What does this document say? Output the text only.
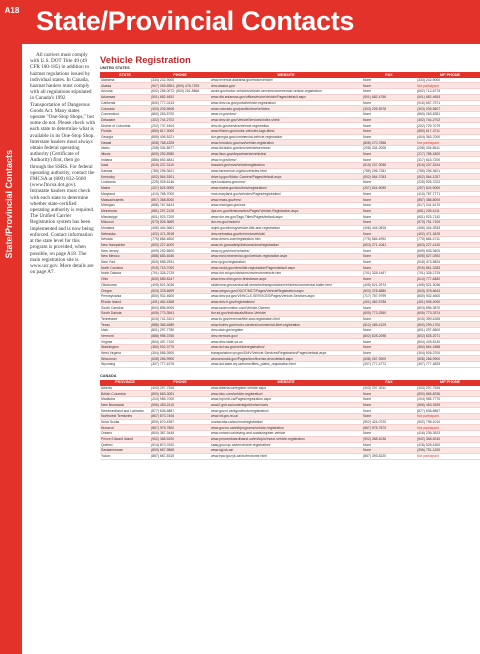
A18
State/Provincial Contacts
State/Provincial Contacts

All carriers must comply with U.S. DOT Title 49 (49 CFR 100-185) in addition to hazmat regulations issued by individual states. In Canada, hazmat haulers must comply with all regulations stipulated in Canada's 1992 Transportation of Dangerous Goods Act. Many states operate "One-Stop Shops," but some do not. Please check with each state to determine what is available in its One-Stop Shop. Interstate haulers must always obtain federal operating authority (Certificate of Authority) first, then go through the SSRS. For federal operating authority, contact the FMCSA at (800) 832-5660 (www.fmcsa.dot.gov). Intrastate haulers must check with each state to determine whether state-certified operating authority is required. The Unified Carrier Registration system has been implemented and is now being enforced. Contact information at the state level for this program is provided, when possible, on page A18. The main registration site is www.ucr.gov. More details are on page A7.

Vehicle Registration
UNITED STATES
STATE	PHONE	WEBSITE	FAX	MP PHONE
Alabama	(334) 242-9000	www.revenue.alabama.gov/motorvehicle/	None	(334) 242-9000
Alaska	(907) 269-5551; (800) 478-7253	dmv.alaska.gov/	None	Not participant
Arizona	(602) 255-0072; (800) 251-5866	azdot.gov/motor-vehicles/vehicle-services/commercial-vehicle-registration	None	(602) 712-6775
Arkansas	(501) 682-4692	www.dfa.arkansas.gov/offices/motorVehicle/Pages/default.aspx	(501) 682-4756	(501) 682-4653
California	(800) 777-0133	www.dmv.ca.gov/portal/vehicle-registration/	None	(916) 657-7971
Colorado	(303) 205-5608	www.colorado.gov/pacific/dmv/vehicles	(303) 205-5978	(303) 205-5607
Connecticut	(860) 263-5700	www.ct.gov/dmv/	None	(860) 263-5281
Delaware	(302) 744-2702	www.dmv.de.gov/VehicleServices/index.shtml	None	(302) 744-2702
District of Columbia	(202) 737-4404	dmv.dc.gov/service/vehicle-registration	None	(202) 729-7079
Florida	(850) 617-3000	www.flhsmv.gov/motor-vehicles-tags-titles/	None	(850) 617-3711
Georgia	(855) 406-5221	dor.georgia.gov/commercial-vehicle-registration	None	(404) 363-7000
Hawaii	(808) 768-4325	www.honolulu.gov/csd/vehicle-registration	(808) 270-7858	Not participant
Idaho	(208) 334-8677	www.itd.idaho.gov/dmv/vehicleservices/	(208) 334-2006	(208) 334-8611
Illinois	(800) 252-8980	www.ilsos.gov/departments/vehicles/	None	(217) 785-1800
Indiana	(888) 692-6841	www.in.gov/bmv/	None	(317) 615-7200
Iowa	(515) 237-3110	iowadot.gov/mvd/vehicleregistration	(515) 237-3056	(515) 237-3244
Kansas	(785) 296-3621	www.ksrevenue.org/dovvehicles.html	(785) 296-7281	(785) 296-3621
Kentucky	(502) 564-5301	drive.ky.gov/Motor-Carriers/Pages/default.aspx	(502) 564-7053	(502) 564-1257
Louisiana	(225) 925-6146	dps.louisiana.gov/omv/	None	(225) 925-7022
Maine	(207) 624-9000	www.maine.gov/sos/bmv/registration/	(207) 624-9090	(207) 624-9000
Maryland	(410) 768-7000	mva.maryland.gov/vehicles/Pages/registration/	None	(410) 787-7771
Massachusetts	(857) 368-8000	www.mass.gov/rmv/	None	(857) 368-8000
Michigan	(888) 767-6424	www.michigan.gov/sos	None	(517) 241-6170
Minnesota	(651) 297-2126	dps.mn.gov/divisions/dvs/Pages/Vehicle-Registration.aspx	None	(651) 205-4111
Mississippi	(601) 923-7200	www.dor.ms.gov/Tags-Titles/Pages/default.aspx	None	(601) 923-7142
Missouri	(573) 526-3669	dor.mo.gov/motorv/	None	(573) 751-7100
Montana	(406) 444-3661	dojmt.gov/driving/vehicle-title-and-registration/	(406) 444-0816	(406) 444-3933
Nebraska	(402) 471-3918	dmv.nebraska.gov/dvr/motorvehicle/	None	(402) 471-3425
Nevada	(775) 684-4800	www.dmvnv.com/registration.htm	(775) 684-4992	(775) 684-4711
New Hampshire	(603) 227-4000	www.nh.gov/safety/divisions/dmv/registration/	(603) 271-1061	(603) 227-4120
New Jersey	(609) 292-6500	www.nj.gov/mvc/vehicles/	None	(609) 633-9400
New Mexico	(888) 683-4636	www.mvd.newmexico.gov/vehicle-registration.aspx	None	(505) 827-0392
New York	(800) 698-2931	dmv.ny.gov/registration	None	(518) 473-5834
North Carolina	(919) 715-7000	www.ncdot.gov/dmv/title-registration/Pages/default.aspx	None	(919) 861-3283
North Dakota	(701) 328-2725	www.dot.nd.gov/divisions/mv/motorvehicle.htm	(701) 328-1487	(701) 328-2725
Ohio	(800) 589-8247	www.bmv.ohio.gov/v-firststance.aspx	None	(614) 777-8480
Oklahoma	(405) 521-3036	oklahoma.gov/service/all-services/transportation/vehicles/commercial-trailer.html	(405) 521-2974	(405) 521-3036
Oregon	(503) 378-6699	www.oregon.gov/ODOT/MCT/Pages/VehicleRegistration.aspx	(503) 378-6880	(503) 378-6643
Pennsylvania	(800) 932-4600	www.dmv.pa.gov/VEHICLE-SERVICES/Pages/Vehicle-Services.aspx	(717) 787-9799	(800) 932-4600
Rhode Island	(401) 462-4368	www.dmv.ri.gov/registrations/	(401) 462-5786	(401) 946-4000
South Carolina	(803) 896-5000	www.scdmvonline.com/Vehicle-Owners	None	(803) 896-3870
South Dakota	(605) 773-3541	dor.sd.gov/Individuals/Motor-Vehicle/	(605) 773-2550	(605) 773-3374
Tennessee	(615) 741-3101	www.tn.gov/revenue/title-and-registration.html	None	(615) 399-4265
Texas	(888) 368-4689	www.txdmv.gov/motor-carriers/commercial-fleet-registration	(512) 465-4129	(800) 299-1700
Utah	(801) 297-7780	dmv.utah.gov/register	None	(801) 297-6800
Vermont	(888) 998-3766	dmv.vermont.gov/	(802) 828-2098	(802) 828-2071
Virginia	(804) 497-7100	www.dmv.state.va.us	None	(804) 249-5130
Washington	(360) 902-3770	www.dol.wa.gov/vehicleregistration/	None	(360) 664-1858
West Virginia	(304) 558-3900	transportation.wv.gov/DMV/Vehicle-Services/Registration/Pages/default.aspx	None	(304) 926-3700
Wisconsin	(608) 266-9900	wisconsindot.gov/Pages/dmv/license-drvs/default.aspx	(608) 267-9900	(608) 266-9900
Wyoming	(307) 777-4375	www.dot.state.wy.us/home/titles_plates_registration.html	(307) 777-4772	(307) 777-4825
CANADA
PROVINCE	PHONE	WEBSITE	FAX	MP PHONE
Alberta	(403) 297-7926	www.alberta.ca/register-vehicle.aspx	(403) 297-3911	(403) 297-7926
British Columbia	(800) 663-3051	www.icbc.com/vehicle-registration/	None	(800) 665-8236
Manitoba	(204) 985-7000	www.mpi.mb.ca/Pages/registration.aspx	None	(204) 985-7770
New Brunswick	(506) 453-2410	www2.gnb.ca/content/gnb/en/services	None	(506) 453-3939
Newfoundland and Labrador	(877) 636-6867	www.gov.nl.ca/dgsnl/motorregistration/	None	(877) 636-6867
Northwest Territories	(867) 873-7406	www.inf.gov.nt.ca/	None	Not participant
Nova Scotia	(800) 670-4357	novascotia.ca/sns/rmv/registration/	(902) 424-0720	(902) 798-1010
Nunavut	(867) 975-7800	www.gov.nu.ca/edt/programs/vehicle-registration	(867) 975-7870	Not participant
Ontario	(800) 387-3445	www.ontario.ca/driving-and-roads/register-vehicle	None	(416) 235-3923
Prince Edward Island	(902) 368-5200	www.princeedwardisland.ca/en/topic/motor-vehicle-registration	(902) 368-5236	(902) 368-5240
Québec	(514) 873-7620	saaq.gouv.qc.ca/en/vehicle-registration/	None	(418) 528-4300
Saskatchewan	(800) 667-9868	www.sgi.sk.ca/	None	(306) 751-1200
Yukon	(867) 667-5315	www.hpw.gov.yk.ca/mv/mvhome.html	(867) 393-6220	Not participant
